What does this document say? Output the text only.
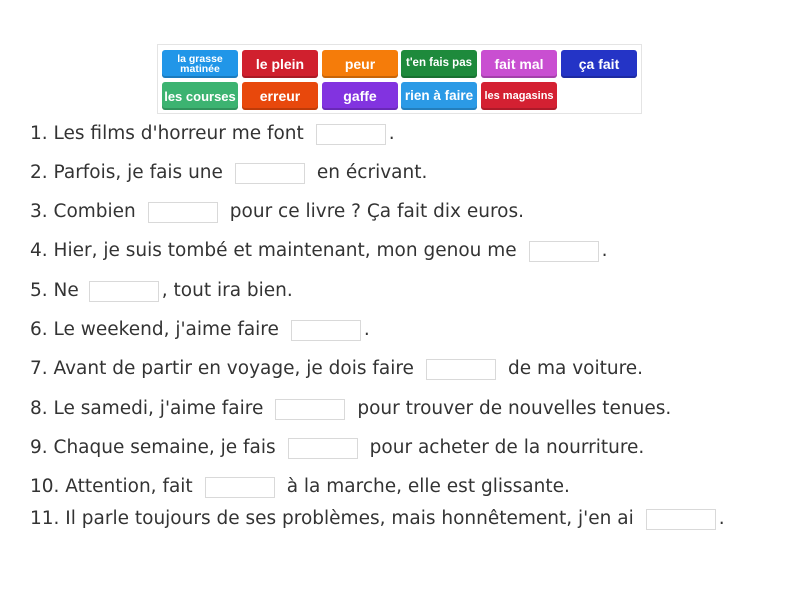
la grasse matinée	le plein	peur	t'en fais pas	fait mal	ça fait
les courses	erreur	gaffe	rien à faire	les magasins
1. Les films d'horreur me font	.
2. Parfois, je fais une	en écrivant.
3. Combien	pour ce livre ? Ça fait dix euros.
4. Hier, je suis tombé et maintenant, mon genou me	.
5. Ne	, tout ira bien.
6. Le weekend, j'aime faire	.
7. Avant de partir en voyage, je dois faire	de ma voiture.
8. Le samedi, j'aime faire	pour trouver de nouvelles tenues.
9. Chaque semaine, je fais	pour acheter de la nourriture.
10. Attention, fait	à la marche, elle est glissante.
11. Il parle toujours de ses problèmes, mais honnêtement, j'en ai	.
